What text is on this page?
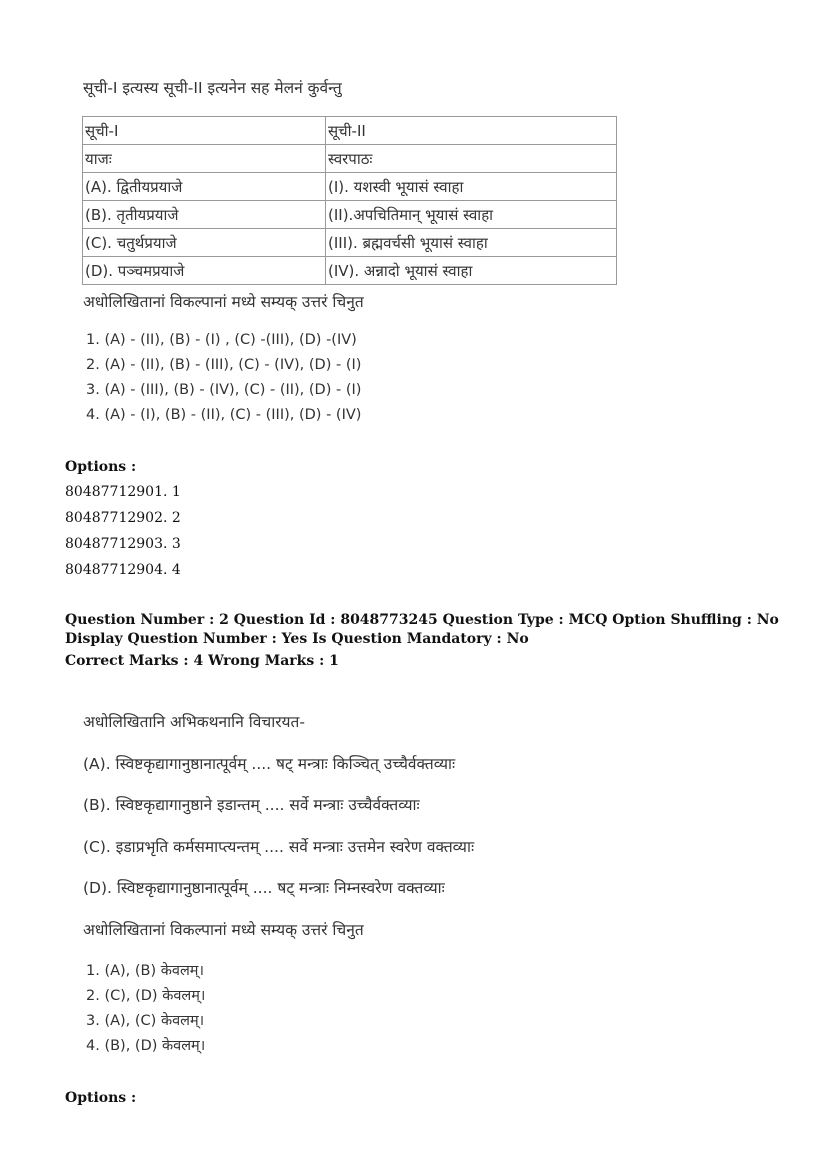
सूची-I इत्यस्य सूची-II इत्यनेन सह मेलनं कुर्वन्तु
सूची-I	सूची-II
याजः	स्वरपाठः
(A). द्वितीयप्रयाजे	(I). यशस्वी भूयासं स्वाहा
(B). तृतीयप्रयाजे	(II).अपचितिमान् भूयासं स्वाहा
(C). चतुर्थप्रयाजे	(III). ब्रह्मवर्चसी भूयासं स्वाहा
(D). पञ्चमप्रयाजे	(IV). अन्नादो भूयासं स्वाहा
अधोलिखितानां विकल्पानां मध्ये सम्यक् उत्तरं चिनुत
1. (A) - (II), (B) - (I) , (C) -(III), (D) -(IV)
2. (A) - (II), (B) - (III), (C) - (IV), (D) - (I)
3. (A) - (III), (B) - (IV), (C) - (II), (D) - (I)
4. (A) - (I), (B) - (II), (C) - (III), (D) - (IV)
Options :
80487712901. 1
80487712902. 2
80487712903. 3
80487712904. 4
Question Number : 2 Question Id : 8048773245 Question Type : MCQ Option Shuffling : No
Display Question Number : Yes Is Question Mandatory : No
Correct Marks : 4 Wrong Marks : 1
अधोलिखितानि अभिकथनानि विचारयत-
(A). स्विष्टकृद्यागानुष्ठानात्पूर्वम् .... षट् मन्त्राः किञ्चित् उच्चैर्वक्तव्याः
(B). स्विष्टकृद्यागानुष्ठाने इडान्तम् .... सर्वे मन्त्राः उच्चैर्वक्तव्याः
(C). इडाप्रभृति कर्मसमाप्त्यन्तम् .... सर्वे मन्त्राः उत्तमेन स्वरेण वक्तव्याः
(D). स्विष्टकृद्यागानुष्ठानात्पूर्वम् .... षट् मन्त्राः निम्नस्वरेण वक्तव्याः
अधोलिखितानां विकल्पानां मध्ये सम्यक् उत्तरं चिनुत
1. (A), (B) केवलम्।
2. (C), (D) केवलम्।
3. (A), (C) केवलम्।
4. (B), (D) केवलम्।
Options :
